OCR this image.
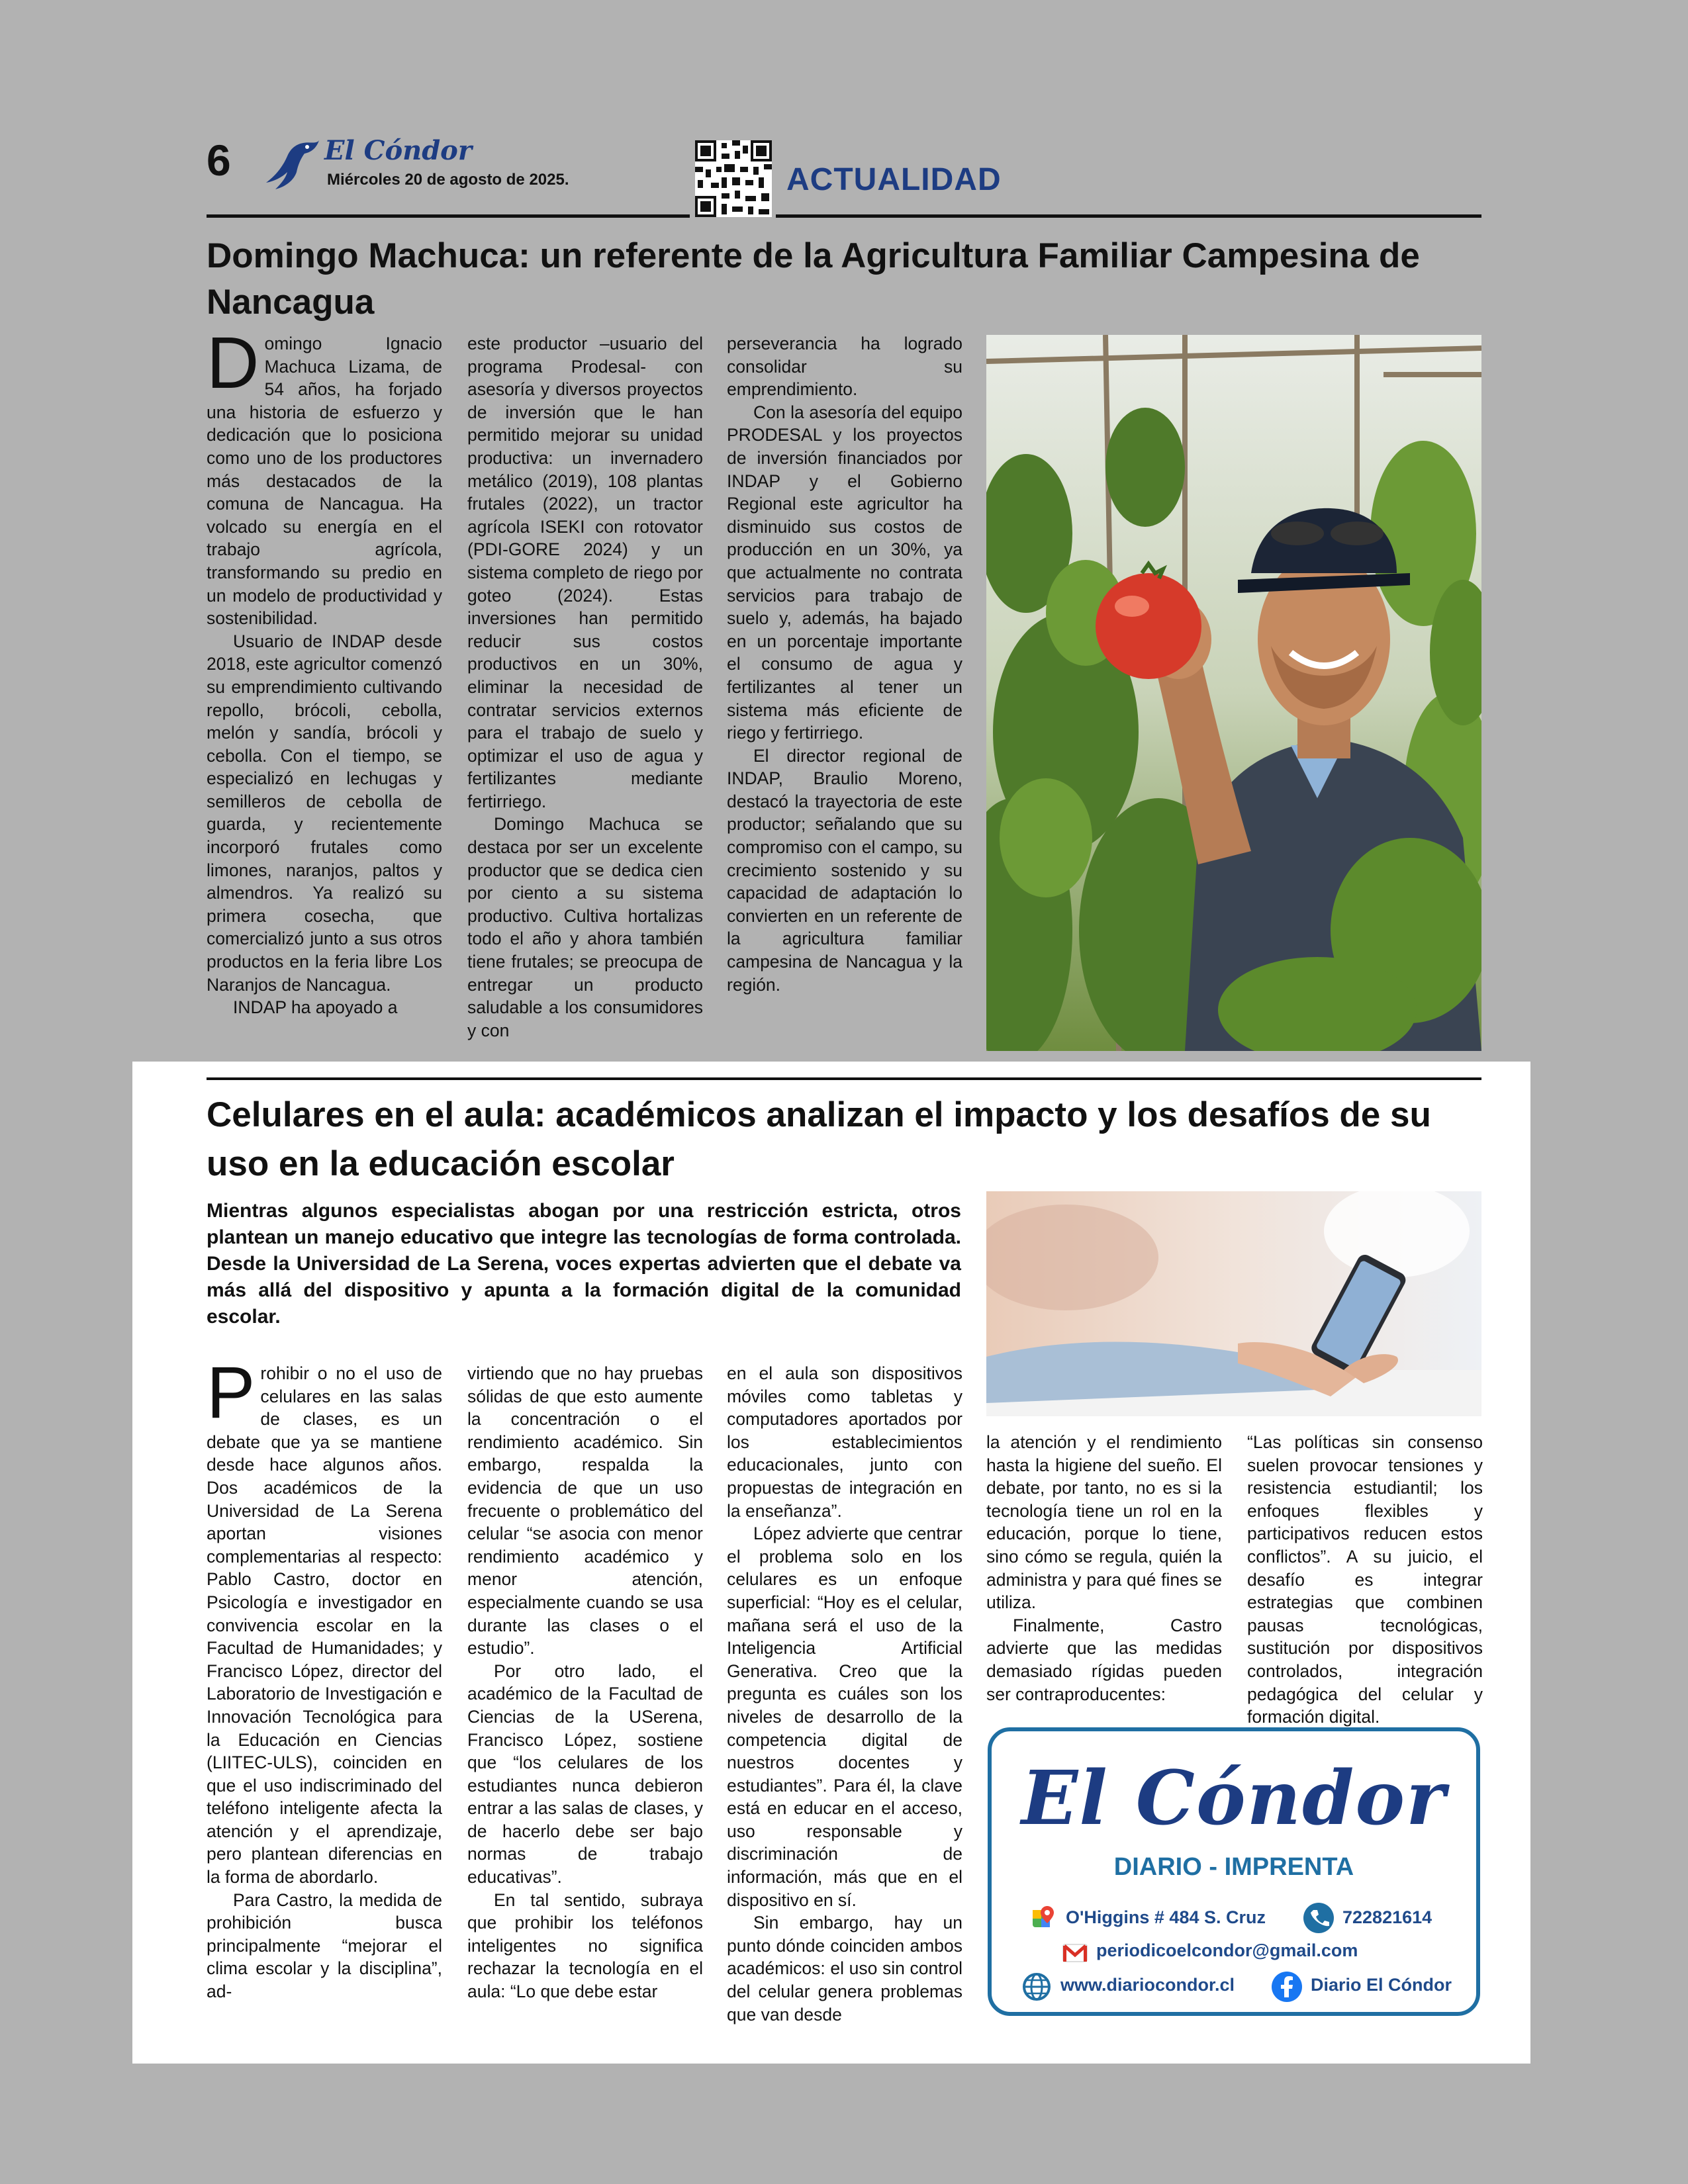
6	El Cóndor
Miércoles 20 de agosto de 2025.	ACTUALIDAD
Domingo Machuca: un referente de la Agricultura Familiar Campesina de Nancagua

Domingo Ignacio Machuca Lizama, de 54 años, ha forjado una historia de esfuerzo y dedicación que lo posiciona como uno de los productores más destacados de la comuna de Nancagua. Ha volcado su energía en el trabajo agrícola, transformando su predio en un modelo de productividad y sostenibilidad.

Usuario de INDAP desde 2018, este agricultor comenzó su emprendimiento cultivando repollo, brócoli, cebolla, melón y sandía, brócoli y cebolla. Con el tiempo, se especializó en lechugas y semilleros de cebolla de guarda, y recientemente incorporó frutales como limones, naranjos, paltos y almendros. Ya realizó su primera cosecha, que comercializó junto a sus otros productos en la feria libre Los Naranjos de Nancagua.

INDAP ha apoyado a

este productor –usuario del programa Prodesal- con asesoría y diversos proyectos de inversión que le han permitido mejorar su unidad productiva: un invernadero metálico (2019), 108 plantas frutales (2022), un tractor agrícola ISEKI con rotovator (PDI-GORE 2024) y un sistema completo de riego por goteo (2024). Estas inversiones han permitido reducir sus costos productivos en un 30%, eliminar la necesidad de contratar servicios externos para el trabajo de suelo y optimizar el uso de agua y fertilizantes mediante fertirriego.

Domingo Machuca se destaca por ser un excelente productor que se dedica cien por ciento a su sistema productivo. Cultiva hortalizas todo el año y ahora también tiene frutales; se preocupa de entregar un producto saludable a los consumidores y con

perseverancia ha logrado consolidar su emprendimiento.

Con la asesoría del equipo PRODESAL y los proyectos de inversión financiados por INDAP y el Gobierno Regional este agricultor ha disminuido sus costos de producción en un 30%, ya que actualmente no contrata servicios para trabajo de suelo y, además, ha bajado en un porcentaje importante el consumo de agua y fertilizantes al tener un sistema más eficiente de riego y fertirriego.

El director regional de INDAP, Braulio Moreno, destacó la trayectoria de este productor; señalando que su compromiso con el campo, su crecimiento sostenido y su capacidad de adaptación lo convierten en un referente de la agricultura familiar campesina de Nancagua y la región.

Celulares en el aula: académicos analizan el impacto y los desafíos de su uso en la educación escolar
Mientras algunos especialistas abogan por una restricción estricta, otros plantean un manejo educativo que integre las tecnologías de forma controlada. Desde la Universidad de La Serena, voces expertas advierten que el debate va más allá del dispositivo y apunta a la formación digital de la comunidad escolar.

Prohibir o no el uso de celulares en las salas de clases, es un debate que ya se mantiene desde hace algunos años. Dos académicos de la Universidad de La Serena aportan visiones complementarias al respecto: Pablo Castro, doctor en Psicología e investigador en convivencia escolar en la Facultad de Humanidades; y Francisco López, director del Laboratorio de Investigación e Innovación Tecnológica para la Educación en Ciencias (LIITEC-ULS), coinciden en que el uso indiscriminado del teléfono inteligente afecta la atención y el aprendizaje, pero plantean diferencias en la forma de abordarlo.

Para Castro, la medida de prohibición busca principalmente “mejorar el clima escolar y la disciplina”, ad-

virtiendo que no hay pruebas sólidas de que esto aumente la concentración o el rendimiento académico. Sin embargo, respalda la evidencia de que un uso frecuente o problemático del celular “se asocia con menor rendimiento académico y menor atención, especialmente cuando se usa durante las clases o el estudio”.

Por otro lado, el académico de la Facultad de Ciencias de la USerena, Francisco López, sostiene que “los celulares de los estudiantes nunca debieron entrar a las salas de clases, y de hacerlo debe ser bajo normas de trabajo educativas”.

En tal sentido, subraya que prohibir los teléfonos inteligentes no significa rechazar la tecnología en el aula: “Lo que debe estar

en el aula son dispositivos móviles como tabletas y computadores aportados por los establecimientos educacionales, junto con propuestas de integración en la enseñanza”.

López advierte que centrar el problema solo en los celulares es un enfoque superficial: “Hoy es el celular, mañana será el uso de la Inteligencia Artificial Generativa. Creo que la pregunta es cuáles son los niveles de desarrollo de la competencia digital de nuestros docentes y estudiantes”. Para él, la clave está en educar en el acceso, uso responsable y discriminación de información, más que en el dispositivo en sí.

Sin embargo, hay un punto dónde coinciden ambos académicos: el uso sin control del celular genera problemas que van desde

la atención y el rendimiento hasta la higiene del sueño. El debate, por tanto, no es si la tecnología tiene un rol en la educación, porque lo tiene, sino cómo se regula, quién la administra y para qué fines se utiliza.

Finalmente, Castro advierte que las medidas demasiado rígidas pueden ser contraproducentes:

“Las políticas sin consenso suelen provocar tensiones y resistencia estudiantil; los enfoques flexibles y participativos reducen estos conflictos”. A su juicio, el desafío es integrar estrategias que combinen pausas tecnológicas, sustitución por dispositivos controlados, integración pedagógica del celular y formación digital.

El Cóndor
DIARIO - IMPRENTA
O'Higgins # 484 S. Cruz	722821614
periodicoelcondor@gmail.com
www.diariocondor.cl	Diario El Cóndor
